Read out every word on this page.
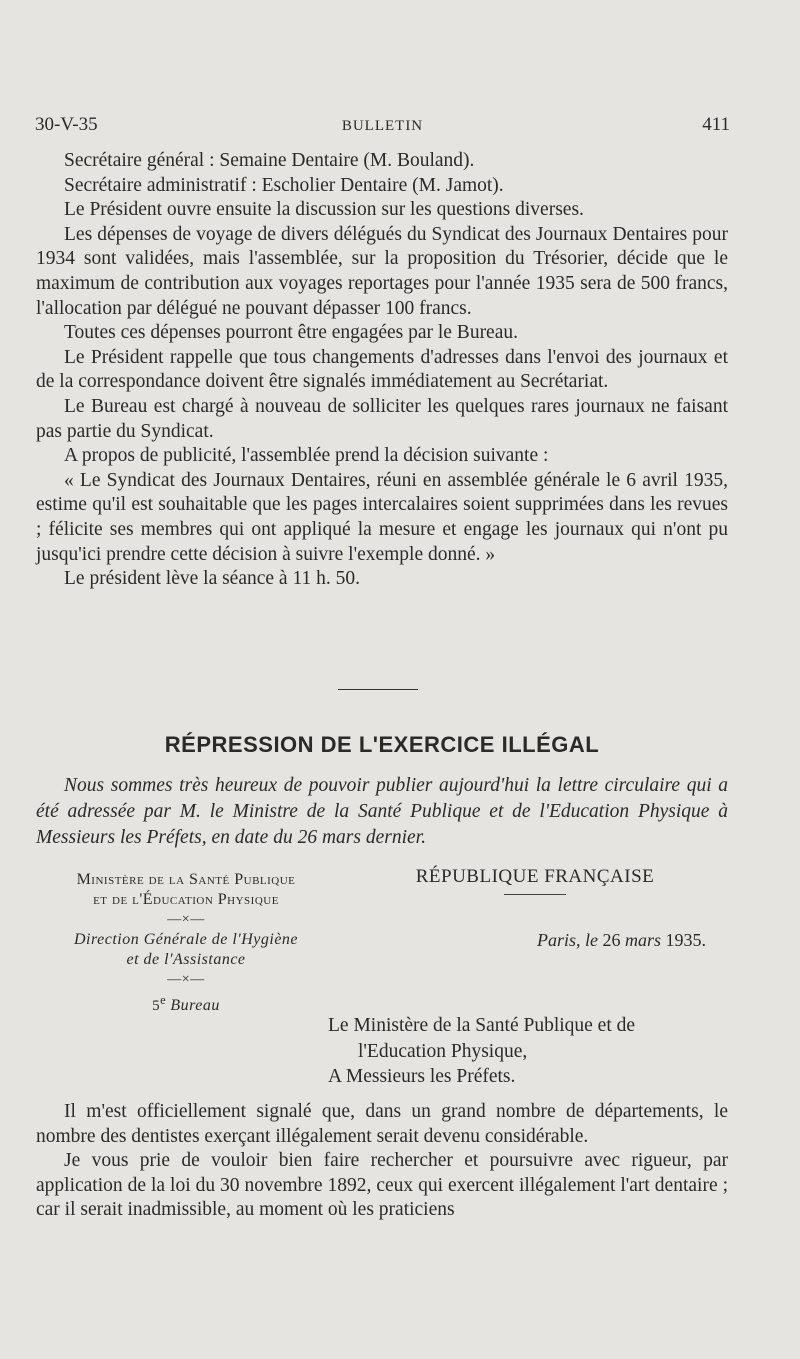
30-V-35	BULLETIN	411

Secrétaire général : Semaine Dentaire (M. Bouland).

Secrétaire administratif : Escholier Dentaire (M. Jamot).

Le Président ouvre ensuite la discussion sur les questions diverses.

Les dépenses de voyage de divers délégués du Syndicat des Journaux Dentaires pour 1934 sont validées, mais l'assemblée, sur la proposition du Trésorier, décide que le maximum de contribution aux voyages reportages pour l'année 1935 sera de 500 francs, l'allocation par délégué ne pouvant dépasser 100 francs.

Toutes ces dépenses pourront être engagées par le Bureau.

Le Président rappelle que tous changements d'adresses dans l'envoi des journaux et de la correspondance doivent être signalés immédiatement au Secrétariat.

Le Bureau est chargé à nouveau de solliciter les quelques rares journaux ne faisant pas partie du Syndicat.

A propos de publicité, l'assemblée prend la décision suivante :

« Le Syndicat des Journaux Dentaires, réuni en assemblée générale le 6 avril 1935, estime qu'il est souhaitable que les pages intercalaires soient supprimées dans les revues ; félicite ses membres qui ont appliqué la mesure et engage les journaux qui n'ont pu jusqu'ici prendre cette décision à suivre l'exemple donné. »

Le président lève la séance à 11 h. 50.

RÉPRESSION DE L'EXERCICE ILLÉGAL

Nous sommes très heureux de pouvoir publier aujourd'hui la lettre circulaire qui a été adressée par M. le Ministre de la Santé Publique et de l'Education Physique à Messieurs les Préfets, en date du 26 mars dernier.

Ministère de la Santé Publique
et de l'Éducation Physique
—×—
Direction Générale de l'Hygiène
et de l'Assistance
—×—
5e Bureau
RÉPUBLIQUE FRANÇAISE
Paris, le 26 mars 1935.
Le Ministère de la Santé Publique et de
l'Education Physique,
A Messieurs les Préfets.

Il m'est officiellement signalé que, dans un grand nombre de départements, le nombre des dentistes exerçant illégalement serait devenu considérable.

Je vous prie de vouloir bien faire rechercher et poursuivre avec rigueur, par application de la loi du 30 novembre 1892, ceux qui exercent illégalement l'art dentaire ; car il serait inadmissible, au moment où les praticiens
